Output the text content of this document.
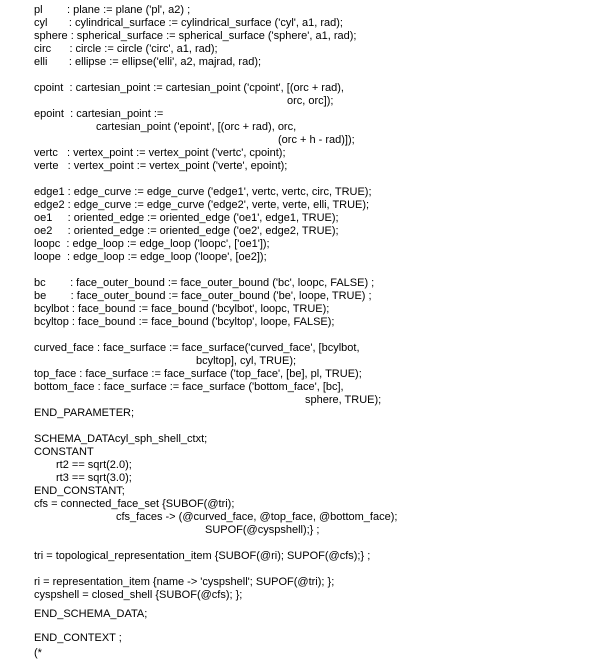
pl        : plane := plane ('pl', a2) ;
cyl       : cylindrical_surface := cylindrical_surface ('cyl', a1, rad);
sphere : spherical_surface := spherical_surface ('sphere', a1, rad);
circ      : circle := circle ('circ', a1, rad);
elli       : ellipse := ellipse('elli', a2, majrad, rad);
cpoint  : cartesian_point := cartesian_point ('cpoint', [(orc + rad),
orc, orc]);
epoint  : cartesian_point :=
cartesian_point ('epoint', [(orc + rad), orc,
(orc + h - rad)]);
vertc   : vertex_point := vertex_point ('vertc', cpoint);
verte   : vertex_point := vertex_point ('verte', epoint);
edge1 : edge_curve := edge_curve ('edge1', vertc, vertc, circ, TRUE);
edge2 : edge_curve := edge_curve ('edge2', verte, verte, elli, TRUE);
oe1     : oriented_edge := oriented_edge ('oe1', edge1, TRUE);
oe2     : oriented_edge := oriented_edge ('oe2', edge2, TRUE);
loopc  : edge_loop := edge_loop ('loopc', ['oe1']);
loope  : edge_loop := edge_loop ('loope', [oe2]);
bc        : face_outer_bound := face_outer_bound ('bc', loopc, FALSE) ;
be        : face_outer_bound := face_outer_bound ('be', loope, TRUE) ;
bcylbot : face_bound := face_bound ('bcylbot', loopc, TRUE);
bcyltop : face_bound := face_bound ('bcyltop', loope, FALSE);
curved_face : face_surface := face_surface('curved_face', [bcylbot,
bcyltop], cyl, TRUE);
top_face : face_surface := face_surface ('top_face', [be], pl, TRUE);
bottom_face : face_surface := face_surface ('bottom_face', [bc],
sphere, TRUE);
END_PARAMETER;
SCHEMA_DATAcyl_sph_shell_ctxt;
CONSTANT
rt2 == sqrt(2.0);
rt3 == sqrt(3.0);
END_CONSTANT;
cfs = connected_face_set {SUBOF(@tri);
cfs_faces -> (@curved_face, @top_face, @bottom_face);
SUPOF(@cyspshell);} ;
tri = topological_representation_item {SUBOF(@ri); SUPOF(@cfs);} ;
ri = representation_item {name -> 'cyspshell'; SUPOF(@tri); };
cyspshell = closed_shell {SUBOF(@cfs); };
END_SCHEMA_DATA;
END_CONTEXT ;
(*
